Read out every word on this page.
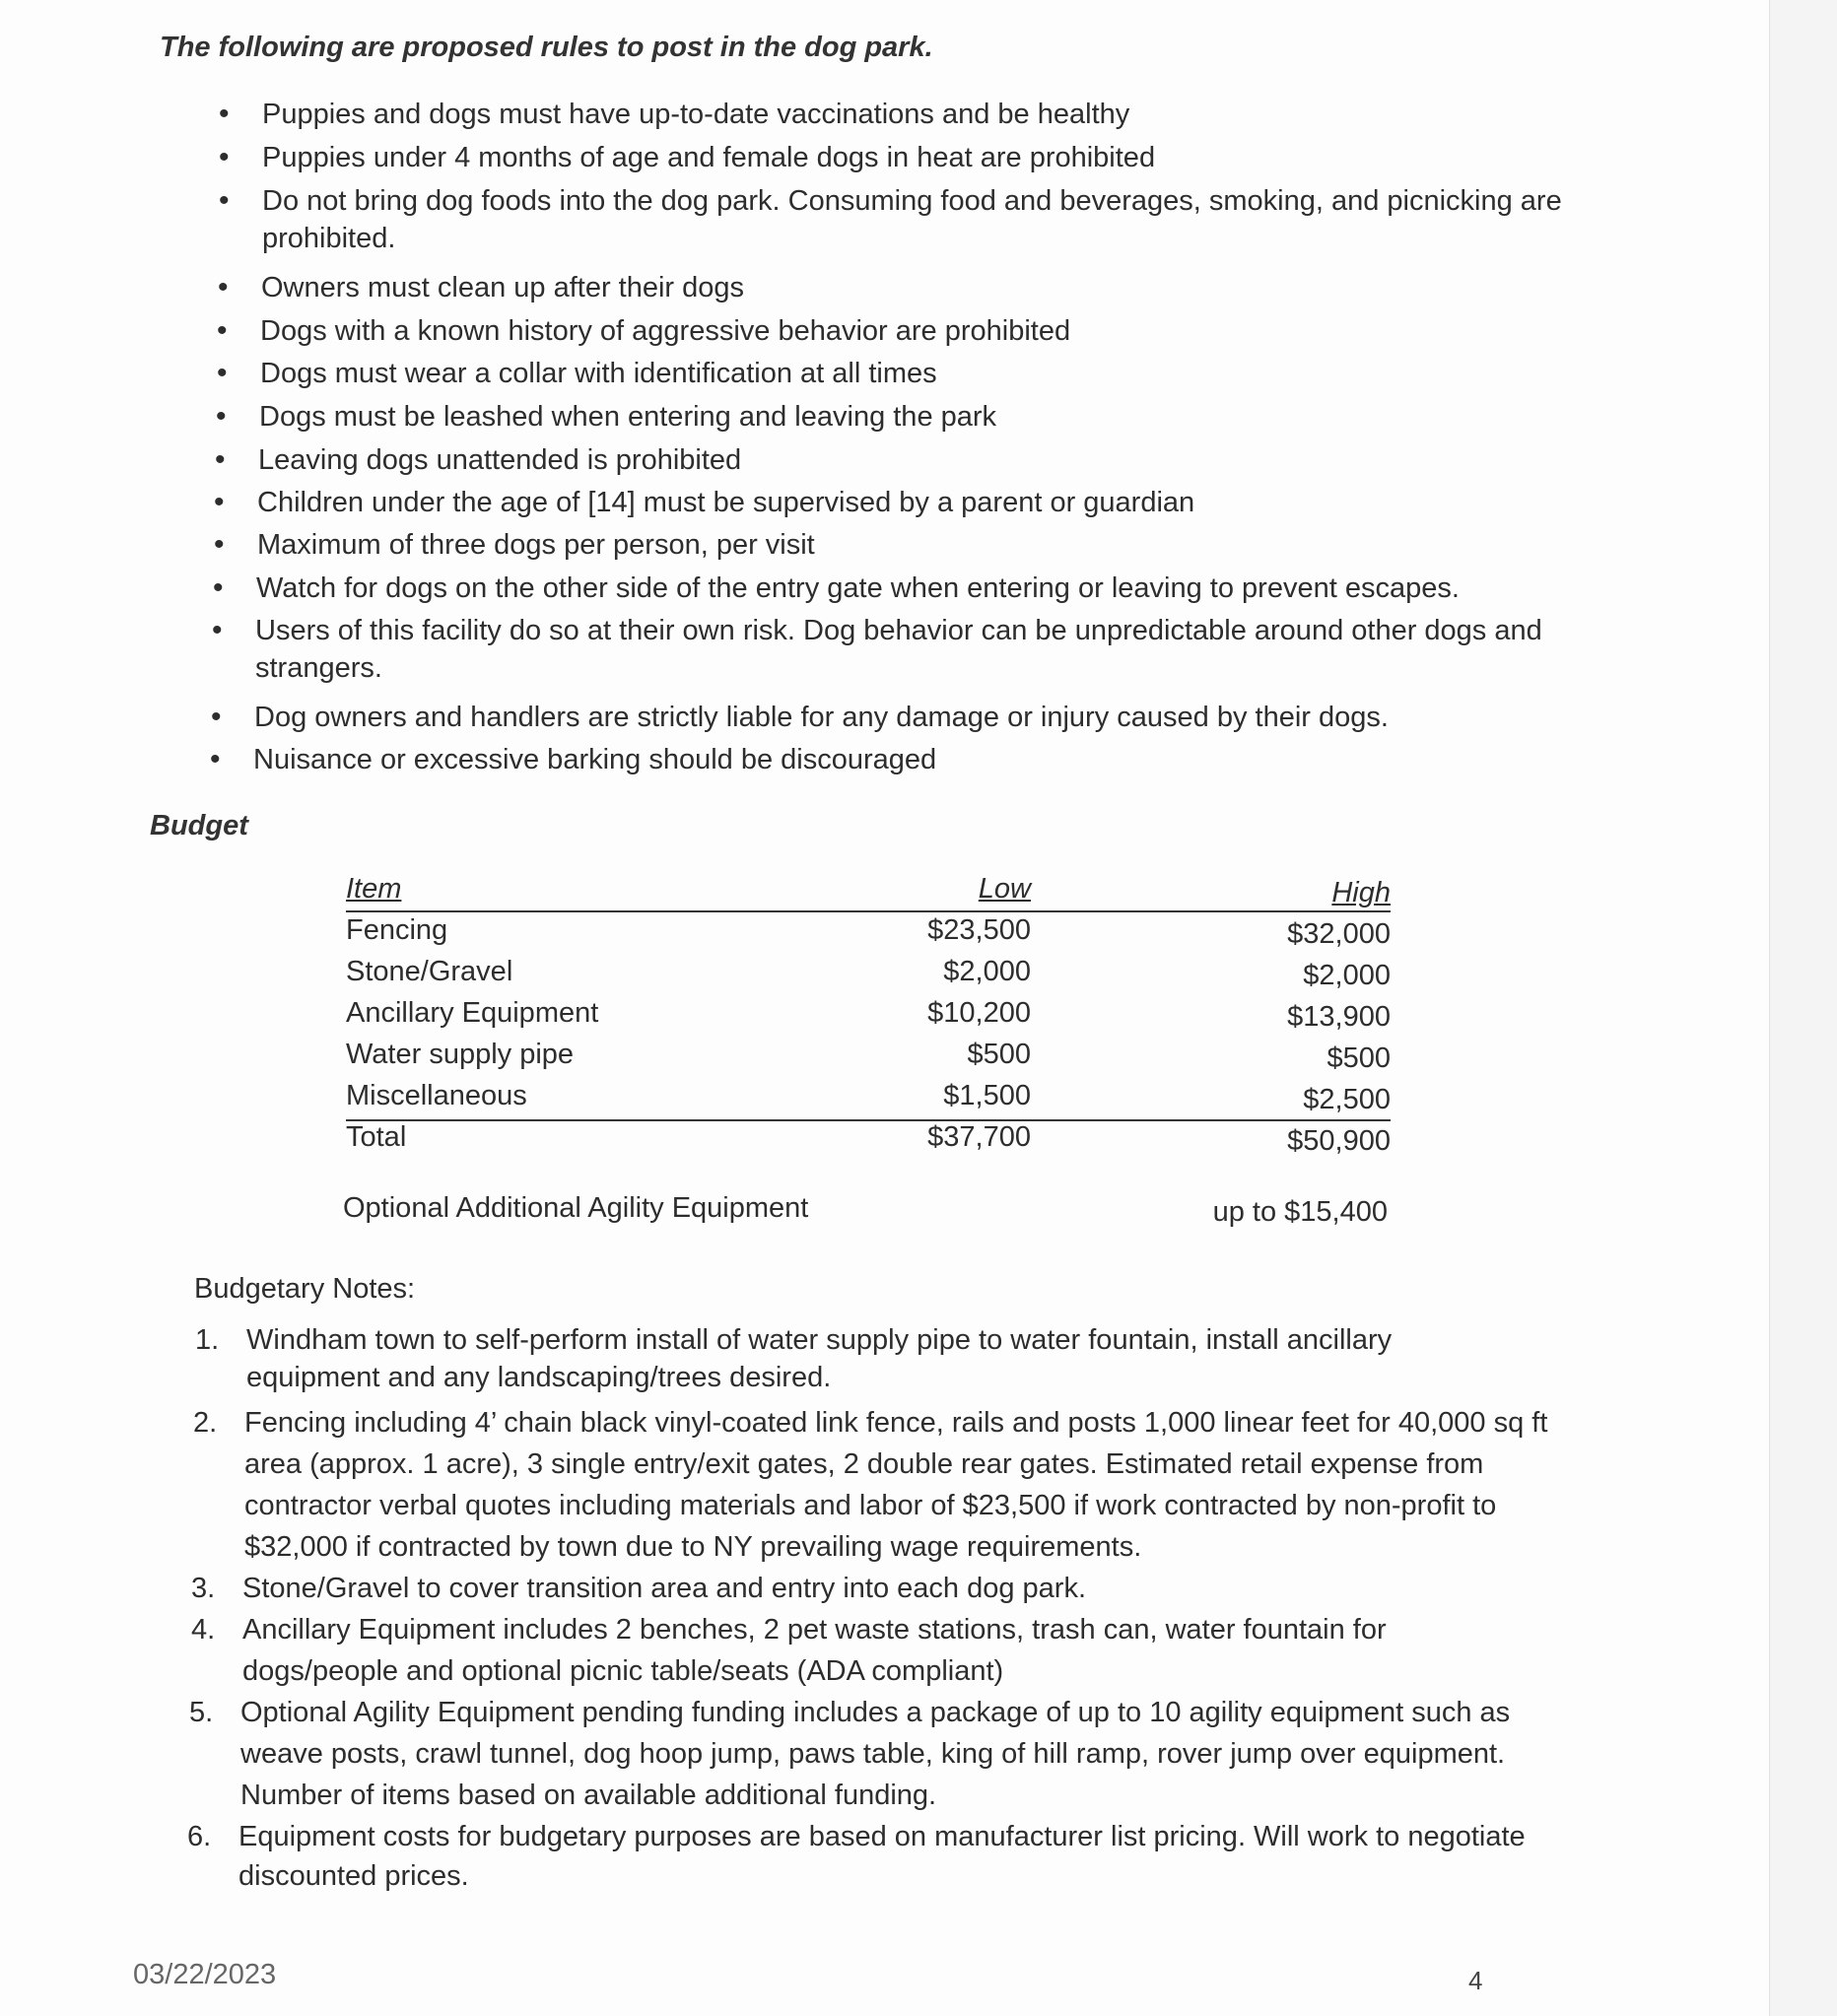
The following are proposed rules to post in the dog park.

• Puppies and dogs must have up-to-date vaccinations and be healthy
• Puppies under 4 months of age and female dogs in heat are prohibited
• Do not bring dog foods into the dog park. Consuming food and beverages, smoking, and picnicking are
prohibited.
• Owners must clean up after their dogs
• Dogs with a known history of aggressive behavior are prohibited
• Dogs must wear a collar with identification at all times
• Dogs must be leashed when entering and leaving the park
• Leaving dogs unattended is prohibited
• Children under the age of [14] must be supervised by a parent or guardian
• Maximum of three dogs per person, per visit
• Watch for dogs on the other side of the entry gate when entering or leaving to prevent escapes.
• Users of this facility do so at their own risk. Dog behavior can be unpredictable around other dogs and
strangers.
• Dog owners and handlers are strictly liable for any damage or injury caused by their dogs.
• Nuisance or excessive barking should be discouraged
Budget
Item	Low	High
Fencing	$23,500	$32,000
Stone/Gravel	$2,000	$2,000
Ancillary Equipment	$10,200	$13,900
Water supply pipe	$500	$500
Miscellaneous	$1,500	$2,500
Total	$37,700	$50,900
Optional Additional Agility Equipment	up to $15,400
Budgetary Notes:
1. Windham town to self-perform install of water supply pipe to water fountain, install ancillary
equipment and any landscaping/trees desired.
2. Fencing including 4’ chain black vinyl-coated link fence, rails and posts 1,000 linear feet for 40,000 sq ft
area (approx. 1 acre), 3 single entry/exit gates, 2 double rear gates. Estimated retail expense from
contractor verbal quotes including materials and labor of $23,500 if work contracted by non-profit to
$32,000 if contracted by town due to NY prevailing wage requirements.
3. Stone/Gravel to cover transition area and entry into each dog park.
4. Ancillary Equipment includes 2 benches, 2 pet waste stations, trash can, water fountain for
dogs/people and optional picnic table/seats (ADA compliant)
5. Optional Agility Equipment pending funding includes a package of up to 10 agility equipment such as
weave posts, crawl tunnel, dog hoop jump, paws table, king of hill ramp, rover jump over equipment.
Number of items based on available additional funding.
6. Equipment costs for budgetary purposes are based on manufacturer list pricing. Will work to negotiate
discounted prices.
03/22/2023	4
